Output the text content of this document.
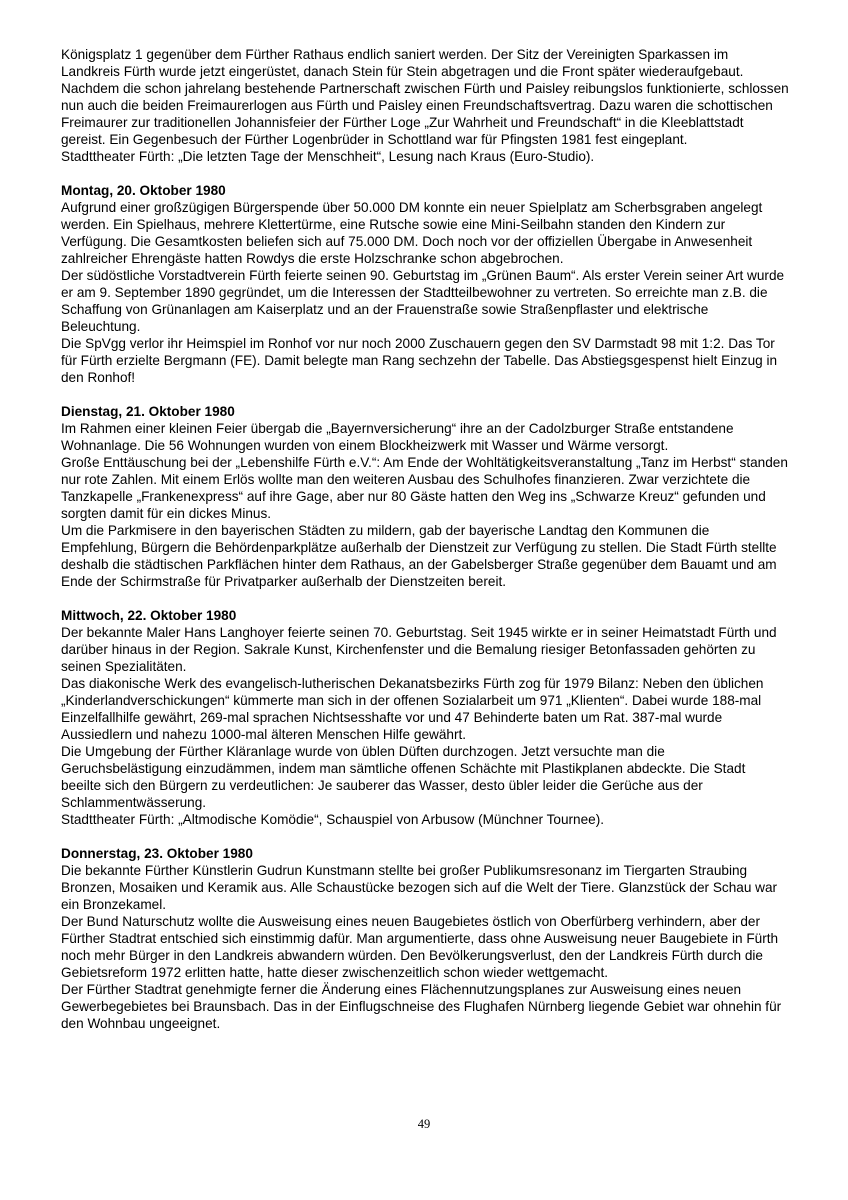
Königsplatz 1 gegenüber dem Fürther Rathaus endlich saniert werden. Der Sitz der Vereinigten Sparkassen im Landkreis Fürth wurde jetzt eingerüstet, danach Stein für Stein abgetragen und die Front später wiederaufgebaut.

Nachdem die schon jahrelang bestehende Partnerschaft zwischen Fürth und Paisley reibungslos funktionierte, schlossen nun auch die beiden Freimaurerlogen aus Fürth und Paisley einen Freundschaftsvertrag. Dazu waren die schottischen Freimaurer zur traditionellen Johannisfeier der Fürther Loge „Zur Wahrheit und Freundschaft“ in die Kleeblattstadt gereist. Ein Gegenbesuch der Fürther Logenbrüder in Schottland war für Pfingsten 1981 fest eingeplant.

Stadttheater Fürth: „Die letzten Tage der Menschheit“, Lesung nach Kraus (Euro-Studio).

Montag, 20. Oktober 1980

Aufgrund einer großzügigen Bürgerspende über 50.000 DM konnte ein neuer Spielplatz am Scherbsgraben angelegt werden. Ein Spielhaus, mehrere Klettertürme, eine Rutsche sowie eine Mini-Seilbahn standen den Kindern zur Verfügung. Die Gesamtkosten beliefen sich auf 75.000 DM. Doch noch vor der offiziellen Übergabe in Anwesenheit zahlreicher Ehrengäste hatten Rowdys die erste Holzschranke schon abgebrochen.

Der südöstliche Vorstadtverein Fürth feierte seinen 90. Geburtstag im „Grünen Baum“. Als erster Verein seiner Art wurde er am 9. September 1890 gegründet, um die Interessen der Stadtteilbewohner zu vertreten. So erreichte man z.B. die Schaffung von Grünanlagen am Kaiserplatz und an der Frauenstraße sowie Straßenpflaster und elektrische Beleuchtung.

Die SpVgg verlor ihr Heimspiel im Ronhof vor nur noch 2000 Zuschauern gegen den SV Darmstadt 98 mit 1:2. Das Tor für Fürth erzielte Bergmann (FE). Damit belegte man Rang sechzehn der Tabelle. Das Abstiegsgespenst hielt Einzug in den Ronhof!

Dienstag, 21. Oktober 1980

Im Rahmen einer kleinen Feier übergab die „Bayernversicherung“ ihre an der Cadolzburger Straße entstandene Wohnanlage. Die 56 Wohnungen wurden von einem Blockheizwerk mit Wasser und Wärme versorgt.

Große Enttäuschung bei der „Lebenshilfe Fürth e.V.“: Am Ende der Wohltätigkeitsveranstaltung „Tanz im Herbst“ standen nur rote Zahlen. Mit einem Erlös wollte man den weiteren Ausbau des Schulhofes finanzieren. Zwar verzichtete die Tanzkapelle „Frankenexpress“ auf ihre Gage, aber nur 80 Gäste hatten den Weg ins „Schwarze Kreuz“ gefunden und sorgten damit für ein dickes Minus.

Um die Parkmisere in den bayerischen Städten zu mildern, gab der bayerische Landtag den Kommunen die Empfehlung, Bürgern die Behördenparkplätze außerhalb der Dienstzeit zur Verfügung zu stellen. Die Stadt Fürth stellte deshalb die städtischen Parkflächen hinter dem Rathaus, an der Gabelsberger Straße gegenüber dem Bauamt und am Ende der Schirmstraße für Privatparker außerhalb der Dienstzeiten bereit.

Mittwoch, 22. Oktober 1980

Der bekannte Maler Hans Langhoyer feierte seinen 70. Geburtstag. Seit 1945 wirkte er in seiner Heimatstadt Fürth und darüber hinaus in der Region. Sakrale Kunst, Kirchenfenster und die Bemalung riesiger Betonfassaden gehörten zu seinen Spezialitäten.

Das diakonische Werk des evangelisch-lutherischen Dekanatsbezirks Fürth zog für 1979 Bilanz: Neben den üblichen „Kinderlandverschickungen“ kümmerte man sich in der offenen Sozialarbeit um 971 „Klienten“. Dabei wurde 188-mal Einzelfallhilfe gewährt, 269-mal sprachen Nichtsesshafte vor und 47 Behinderte baten um Rat. 387-mal wurde Aussiedlern und nahezu 1000-mal älteren Menschen Hilfe gewährt.

Die Umgebung der Fürther Kläranlage wurde von üblen Düften durchzogen. Jetzt versuchte man die Geruchsbelästigung einzudämmen, indem man sämtliche offenen Schächte mit Plastikplanen abdeckte. Die Stadt beeilte sich den Bürgern zu verdeutlichen: Je sauberer das Wasser, desto übler leider die Gerüche aus der Schlammentwässerung.

Stadttheater Fürth: „Altmodische Komödie“, Schauspiel von Arbusow (Münchner Tournee).

Donnerstag, 23. Oktober 1980

Die bekannte Fürther Künstlerin Gudrun Kunstmann stellte bei großer Publikumsresonanz im Tiergarten Straubing Bronzen, Mosaiken und Keramik aus. Alle Schaustücke bezogen sich auf die Welt der Tiere. Glanzstück der Schau war ein Bronzekamel.

Der Bund Naturschutz wollte die Ausweisung eines neuen Baugebietes östlich von Oberfürberg verhindern, aber der Fürther Stadtrat entschied sich einstimmig dafür. Man argumentierte, dass ohne Ausweisung neuer Baugebiete in Fürth noch mehr Bürger in den Landkreis abwandern würden. Den Bevölkerungsverlust, den der Landkreis Fürth durch die Gebietsreform 1972 erlitten hatte, hatte dieser zwischenzeitlich schon wieder wettgemacht.

Der Fürther Stadtrat genehmigte ferner die Änderung eines Flächennutzungsplanes zur Ausweisung eines neuen Gewerbegebietes bei Braunsbach. Das in der Einflugschneise des Flughafen Nürnberg liegende Gebiet war ohnehin für den Wohnbau ungeeignet.

49
